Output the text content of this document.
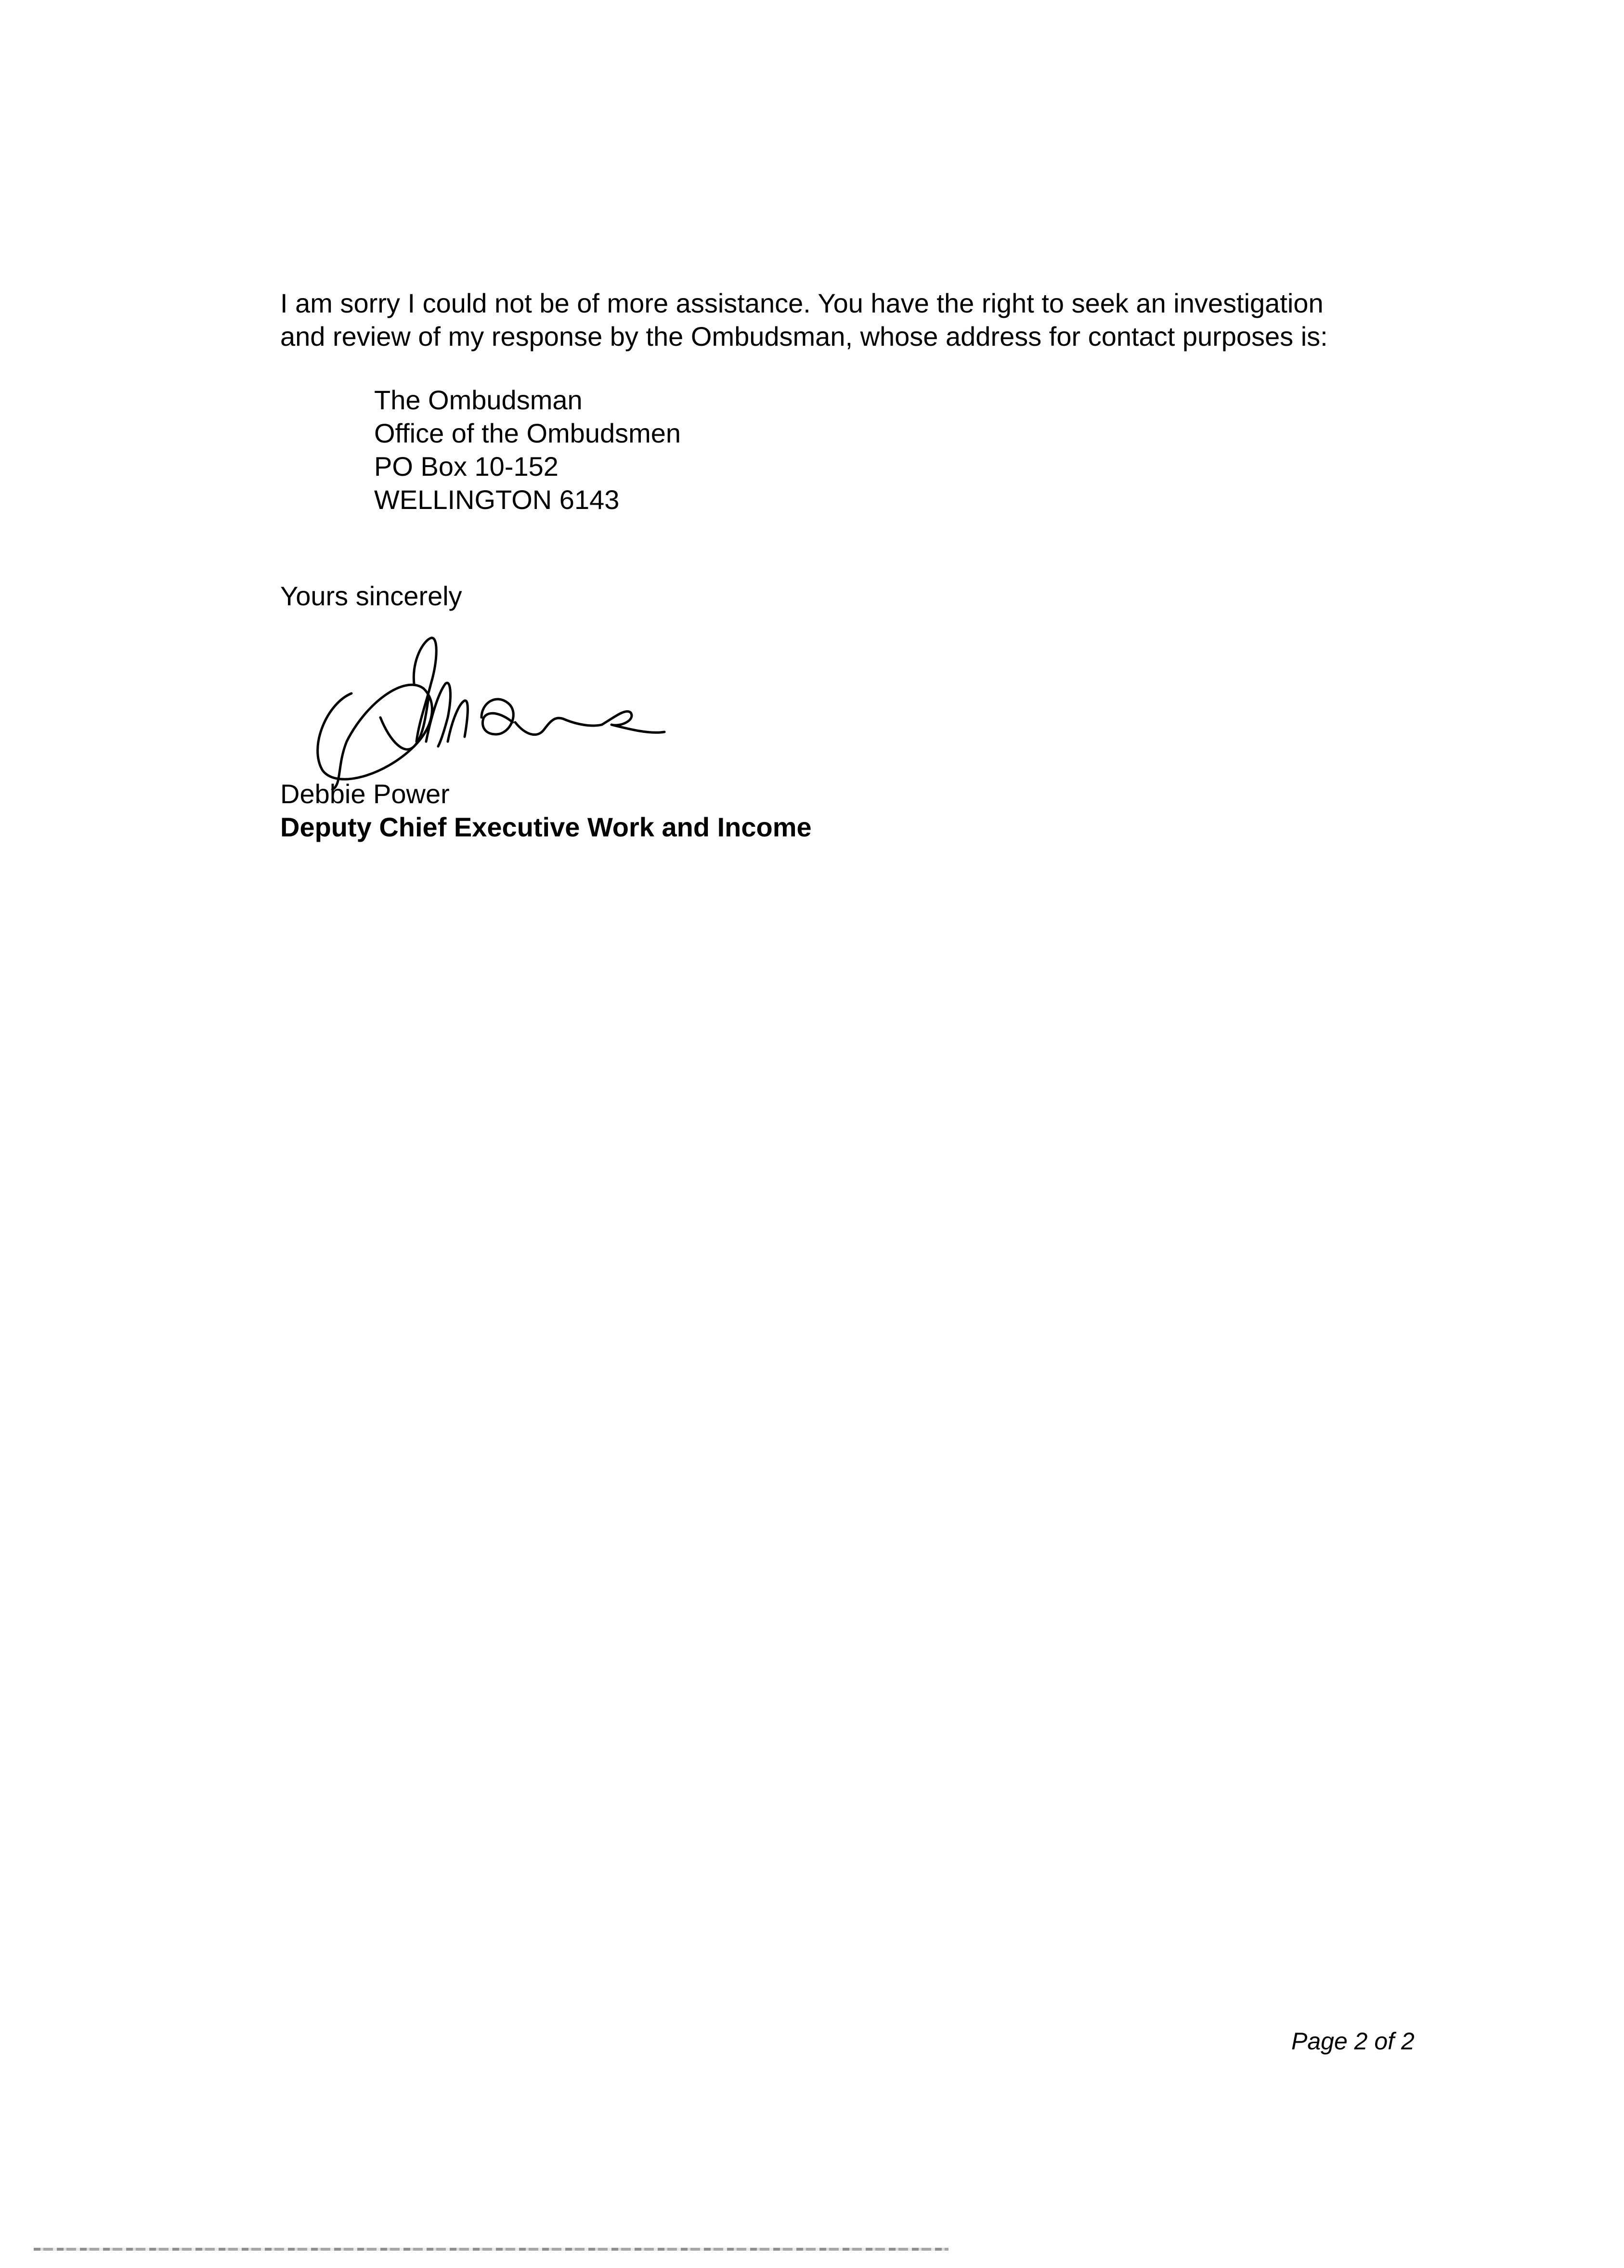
I am sorry I could not be of more assistance. You have the right to seek an investigation

and review of my response by the Ombudsman, whose address for contact purposes is:

The Ombudsman
Office of the Ombudsmen
PO Box 10-152
WELLINGTON 6143

Yours sincerely

Debbie Power

Deputy Chief Executive Work and Income

Page 2 of 2
